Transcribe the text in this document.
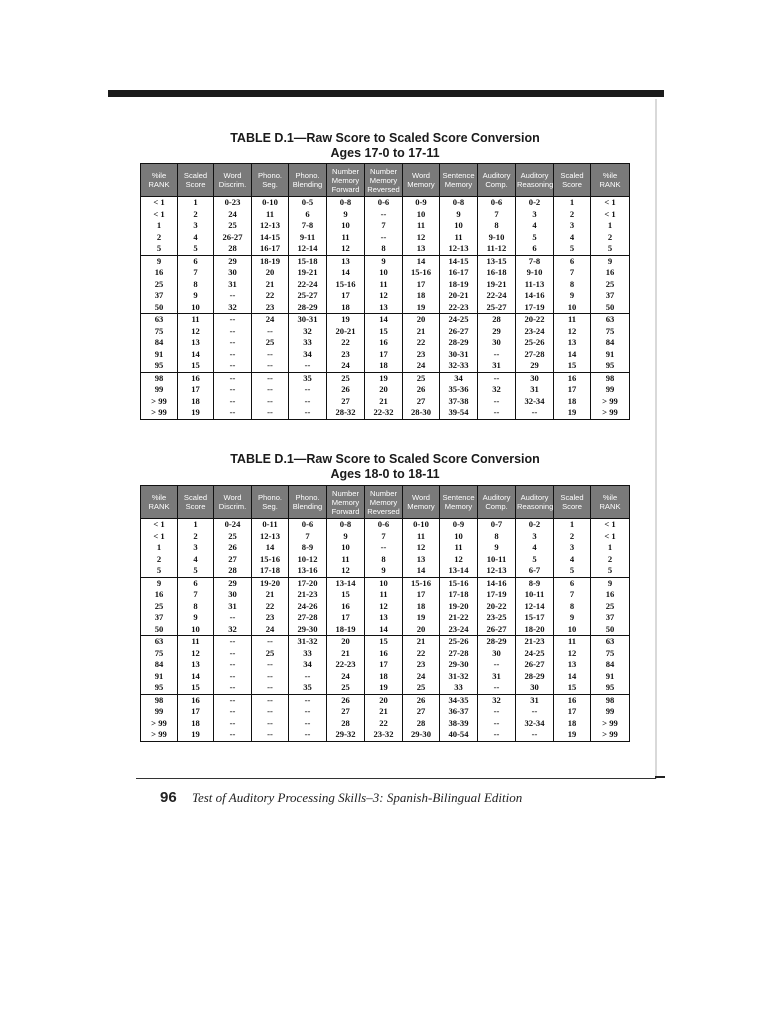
TABLE D.1—Raw Score to Scaled Score Conversion
Ages 17-0 to 17-11
%ile RANK	Scaled Score	Word Discrim.	Phono. Seg.	Phono. Blending	Number Memory Forward	Number Memory Reversed	Word Memory	Sentence Memory	Auditory Comp.	Auditory Reasoning	Scaled Score	%ile RANK
< 1	1	0-23	0-10	0-5	0-8	0-6	0-9	0-8	0-6	0-2	1	< 1
< 1	2	24	11	6	9	--	10	9	7	3	2	< 1
1	3	25	12-13	7-8	10	7	11	10	8	4	3	1
2	4	26-27	14-15	9-11	11	--	12	11	9-10	5	4	2
5	5	28	16-17	12-14	12	8	13	12-13	11-12	6	5	5
9	6	29	18-19	15-18	13	9	14	14-15	13-15	7-8	6	9
16	7	30	20	19-21	14	10	15-16	16-17	16-18	9-10	7	16
25	8	31	21	22-24	15-16	11	17	18-19	19-21	11-13	8	25
37	9	--	22	25-27	17	12	18	20-21	22-24	14-16	9	37
50	10	32	23	28-29	18	13	19	22-23	25-27	17-19	10	50
63	11	--	24	30-31	19	14	20	24-25	28	20-22	11	63
75	12	--	--	32	20-21	15	21	26-27	29	23-24	12	75
84	13	--	25	33	22	16	22	28-29	30	25-26	13	84
91	14	--	--	34	23	17	23	30-31	--	27-28	14	91
95	15	--	--	--	24	18	24	32-33	31	29	15	95
98	16	--	--	35	25	19	25	34	--	30	16	98
99	17	--	--	--	26	20	26	35-36	32	31	17	99
> 99	18	--	--	--	27	21	27	37-38	--	32-34	18	> 99
> 99	19	--	--	--	28-32	22-32	28-30	39-54	--	--	19	> 99
TABLE D.1—Raw Score to Scaled Score Conversion
Ages 18-0 to 18-11
%ile RANK	Scaled Score	Word Discrim.	Phono. Seg.	Phono. Blending	Number Memory Forward	Number Memory Reversed	Word Memory	Sentence Memory	Auditory Comp.	Auditory Reasoning	Scaled Score	%ile RANK
< 1	1	0-24	0-11	0-6	0-8	0-6	0-10	0-9	0-7	0-2	1	< 1
< 1	2	25	12-13	7	9	7	11	10	8	3	2	< 1
1	3	26	14	8-9	10	--	12	11	9	4	3	1
2	4	27	15-16	10-12	11	8	13	12	10-11	5	4	2
5	5	28	17-18	13-16	12	9	14	13-14	12-13	6-7	5	5
9	6	29	19-20	17-20	13-14	10	15-16	15-16	14-16	8-9	6	9
16	7	30	21	21-23	15	11	17	17-18	17-19	10-11	7	16
25	8	31	22	24-26	16	12	18	19-20	20-22	12-14	8	25
37	9	--	23	27-28	17	13	19	21-22	23-25	15-17	9	37
50	10	32	24	29-30	18-19	14	20	23-24	26-27	18-20	10	50
63	11	--	--	31-32	20	15	21	25-26	28-29	21-23	11	63
75	12	--	25	33	21	16	22	27-28	30	24-25	12	75
84	13	--	--	34	22-23	17	23	29-30	--	26-27	13	84
91	14	--	--	--	24	18	24	31-32	31	28-29	14	91
95	15	--	--	35	25	19	25	33	--	30	15	95
98	16	--	--	--	26	20	26	34-35	32	31	16	98
99	17	--	--	--	27	21	27	36-37	--	--	17	99
> 99	18	--	--	--	28	22	28	38-39	--	32-34	18	> 99
> 99	19	--	--	--	29-32	23-32	29-30	40-54	--	--	19	> 99
96 Test of Auditory Processing Skills–3: Spanish-Bilingual Edition
